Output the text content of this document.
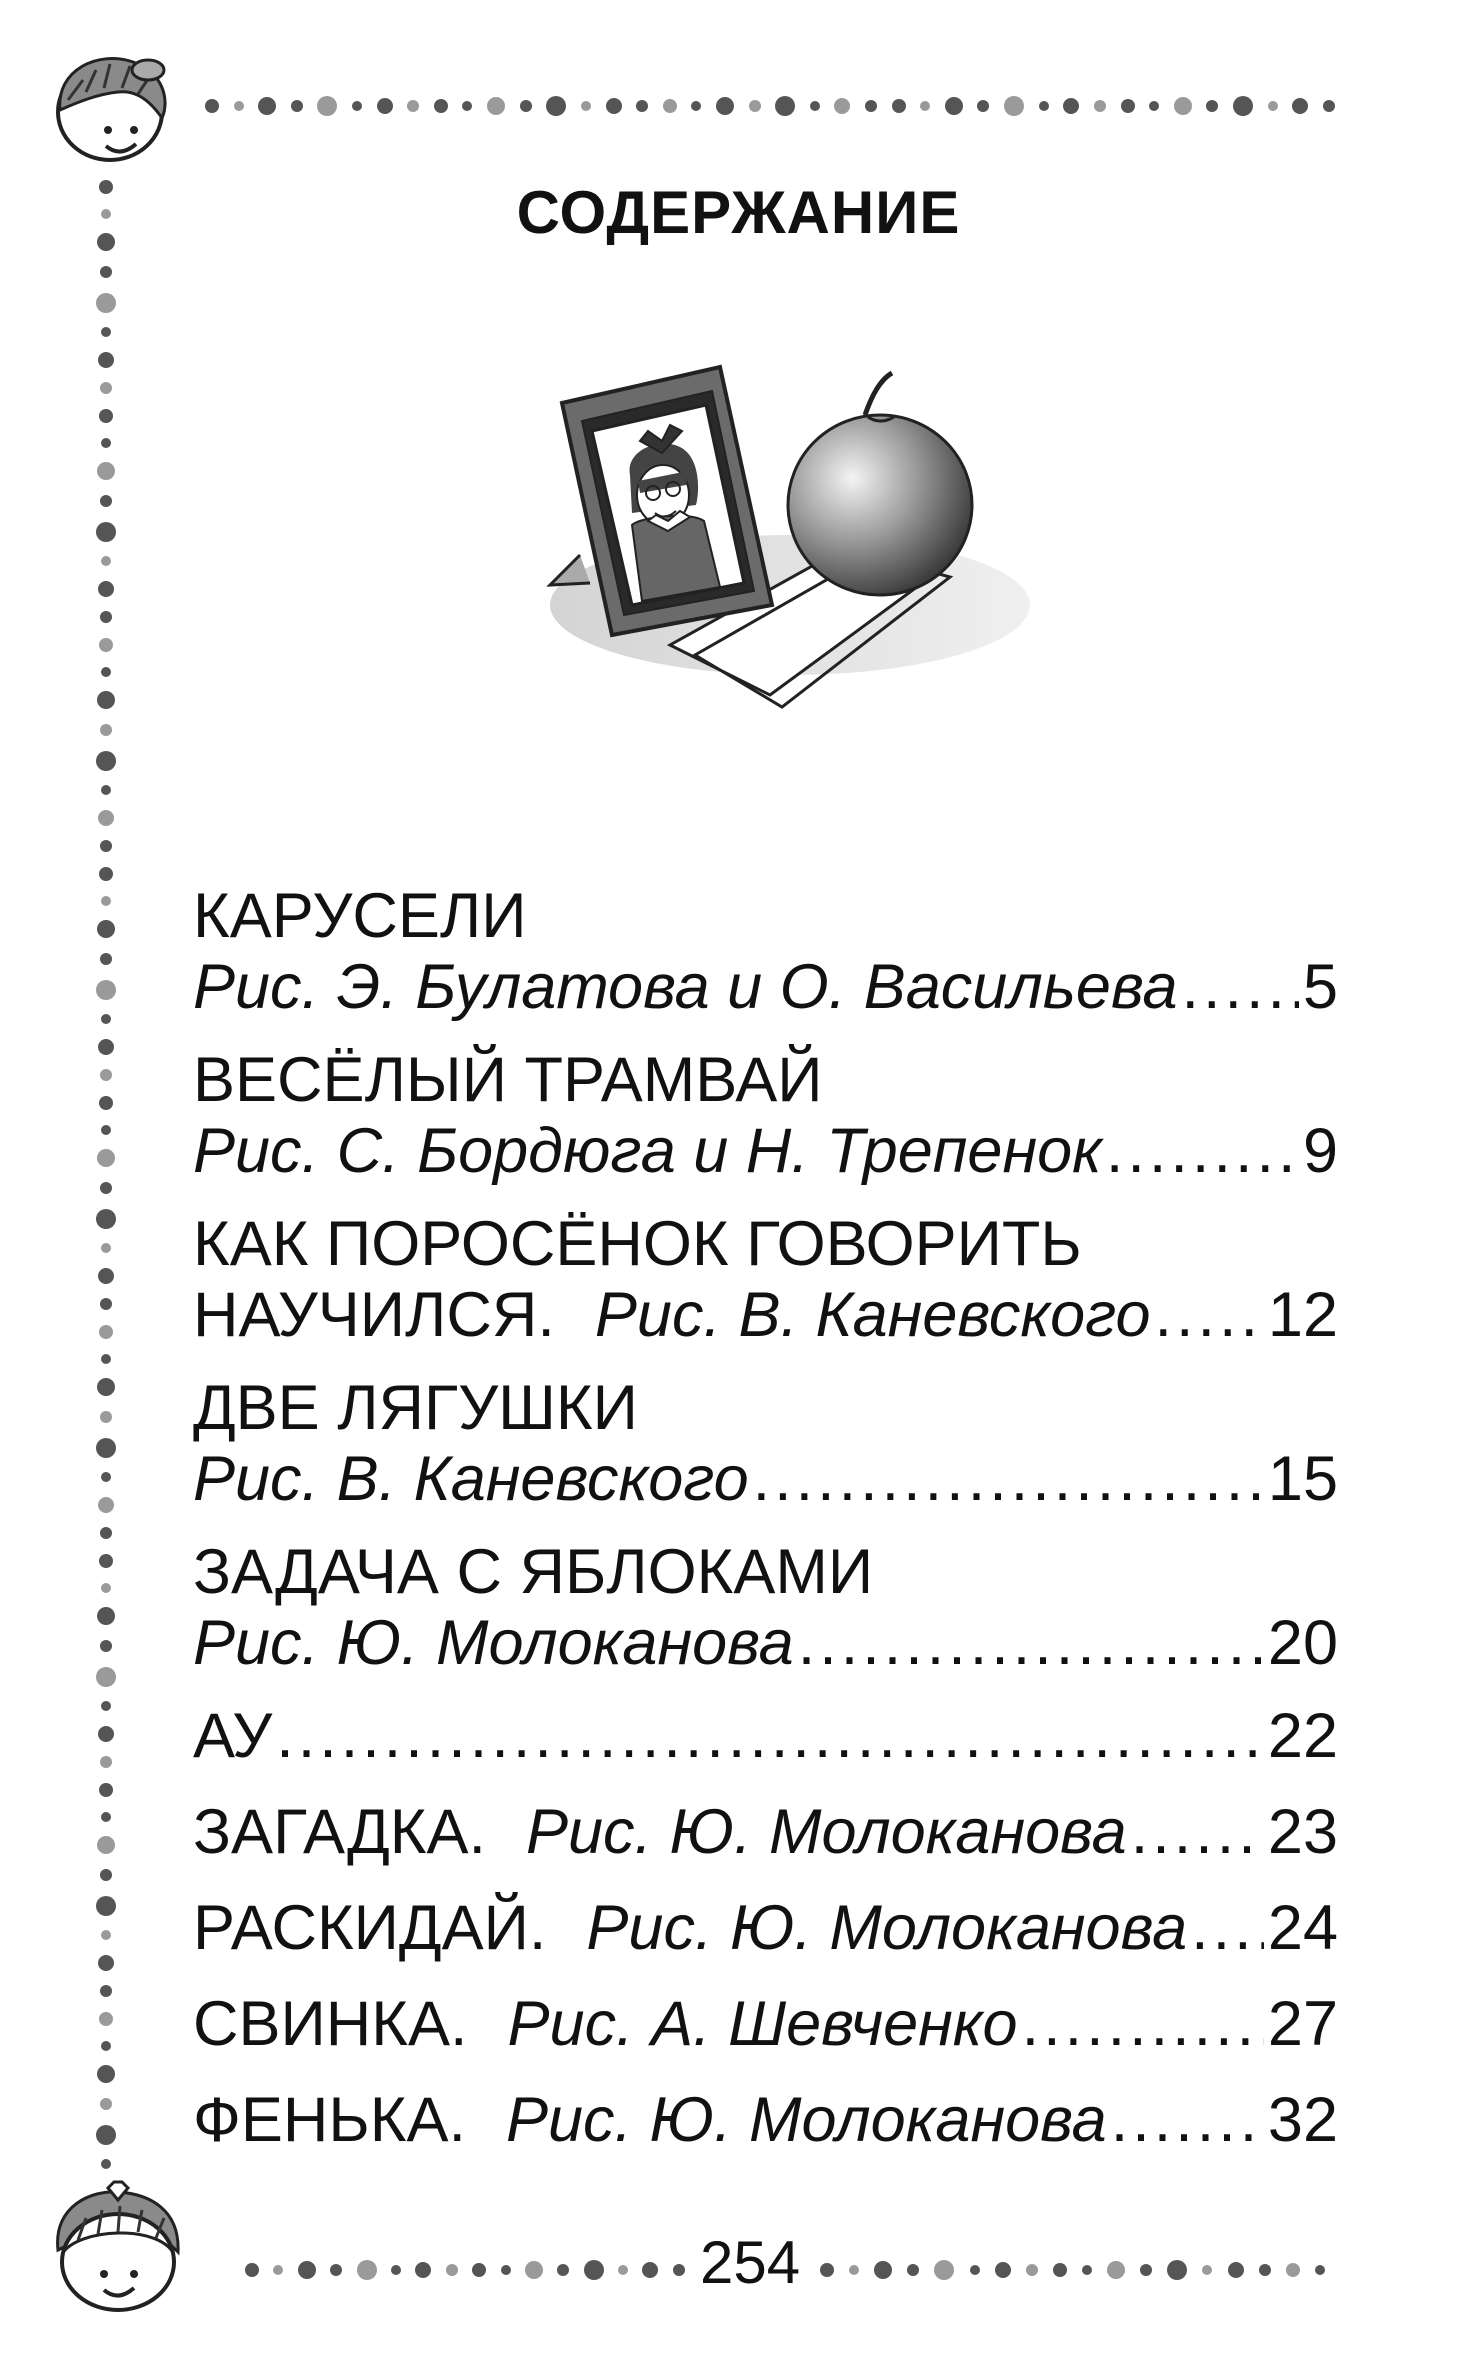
СОДЕРЖАНИЕ
КАРУСЕЛИ
Рис. Э. Булатова и О. Васильева ..... 5
ВЕСЁЛЫЙ ТРАМВАЙ
Рис. С. Бордюга и Н. Трепенок .....	9
КАК ПОРОСЁНОК ГОВОРИТЬ
НАУЧИЛСЯ. Рис. В. Каневского ..... 12
ДВЕ ЛЯГУШКИ
Рис. В. Каневского .....	15
ЗАДАЧА С ЯБЛОКАМИ
Рис. Ю. Молоканова .....	20
АУ .....	22
ЗАГАДКА. Рис. Ю. Молоканова ..... 23
РАСКИДАЙ. Рис. Ю. Молоканова ..... 24
СВИНКА. Рис. А. Шевченко .....	27
ФЕНЬКА. Рис. Ю. Молоканова .....	32
254
